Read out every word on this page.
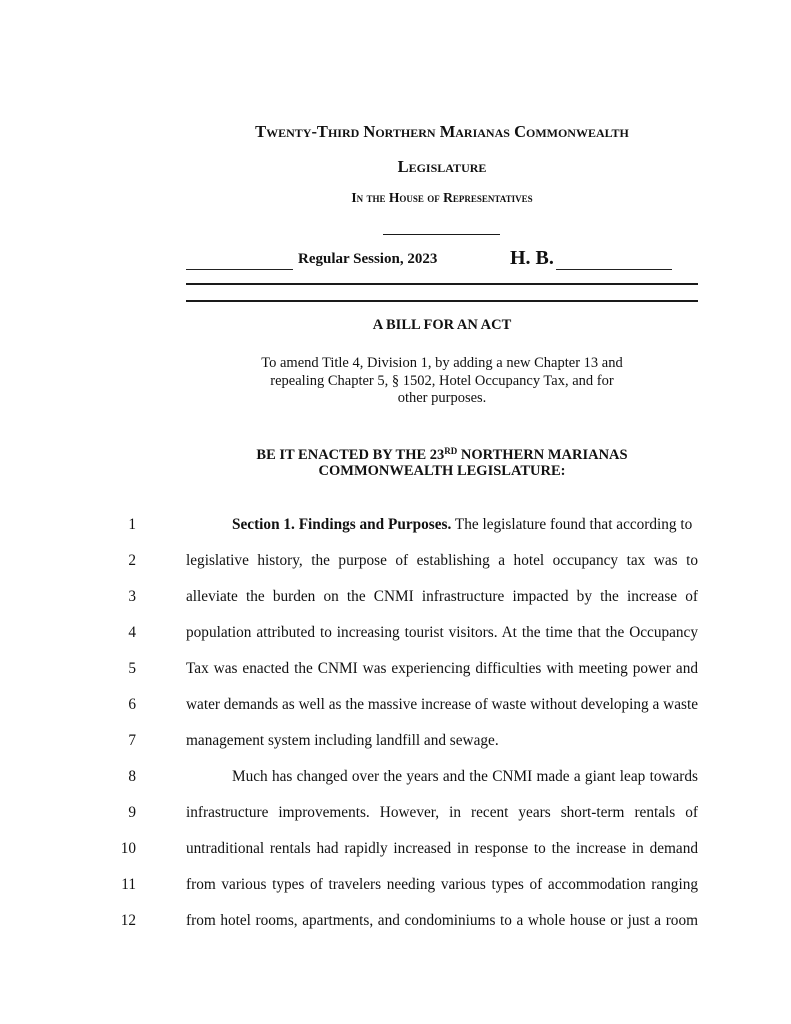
Twenty-Third Northern Marianas Commonwealth
Legislature
In the House of Representatives
Regular Session, 2023	H. B.
A BILL FOR AN ACT
To amend Title 4, Division 1, by adding a new Chapter 13 and
repealing Chapter 5, § 1502, Hotel Occupancy Tax, and for
other purposes.
BE IT ENACTED BY THE 23RD NORTHERN MARIANAS
COMMONWEALTH LEGISLATURE:
1	Section 1. Findings and Purposes. The legislature found that according to
2	legislative history, the purpose of establishing a hotel occupancy tax was to
3	alleviate the burden on the CNMI infrastructure impacted by the increase of
4	population attributed to increasing tourist visitors. At the time that the Occupancy
5	Tax was enacted the CNMI was experiencing difficulties with meeting power and
6	water demands as well as the massive increase of waste without developing a waste
7	management system including landfill and sewage.
8	Much has changed over the years and the CNMI made a giant leap towards
9	infrastructure improvements. However, in recent years short-term rentals of
10	untraditional rentals had rapidly increased in response to the increase in demand
11	from various types of travelers needing various types of accommodation ranging
12	from hotel rooms, apartments, and condominiums to a whole house or just a room
